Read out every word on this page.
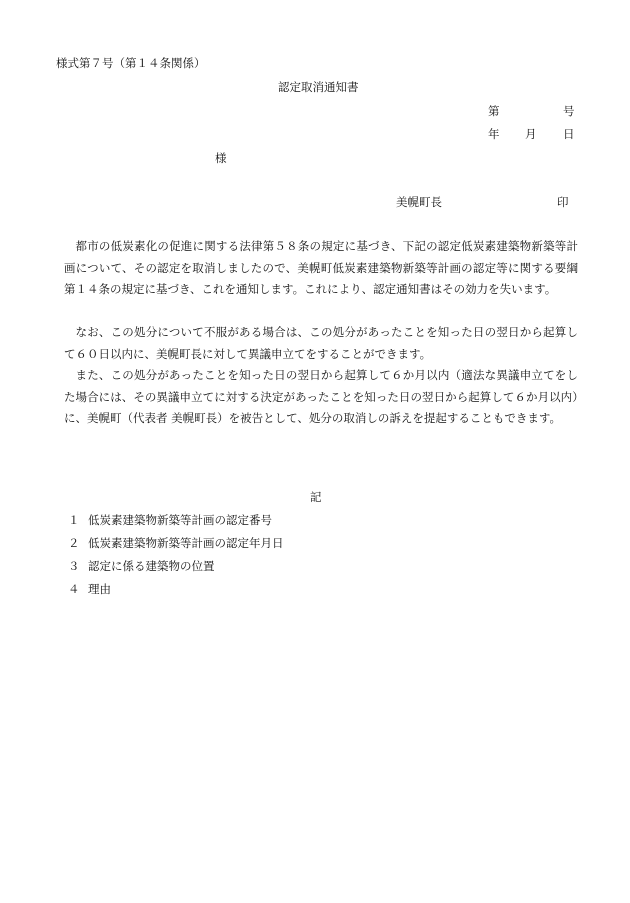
様式第７号（第１４条関係）
認定取消通知書
第	号
年 月 日
様
美幌町長	印

都市の低炭素化の促進に関する法律第５８条の規定に基づき、下記の認定低炭素建築物新築等計画について、その認定を取消しましたので、美幌町低炭素建築物新築等計画の認定等に関する要綱第１４条の規定に基づき、これを通知します。これにより、認定通知書はその効力を失います。

なお、この処分について不服がある場合は、この処分があったことを知った日の翌日から起算して６０日以内に、美幌町長に対して異議申立てをすることができます。

また、この処分があったことを知った日の翌日から起算して６か月以内（適法な異議申立てをした場合には、その異議申立てに対する決定があったことを知った日の翌日から起算して６か月以内）に、美幌町（代表者 美幌町長）を被告として、処分の取消しの訴えを提起することもできます。

記
１ 低炭素建築物新築等計画の認定番号
２ 低炭素建築物新築等計画の認定年月日
３ 認定に係る建築物の位置
４ 理由
